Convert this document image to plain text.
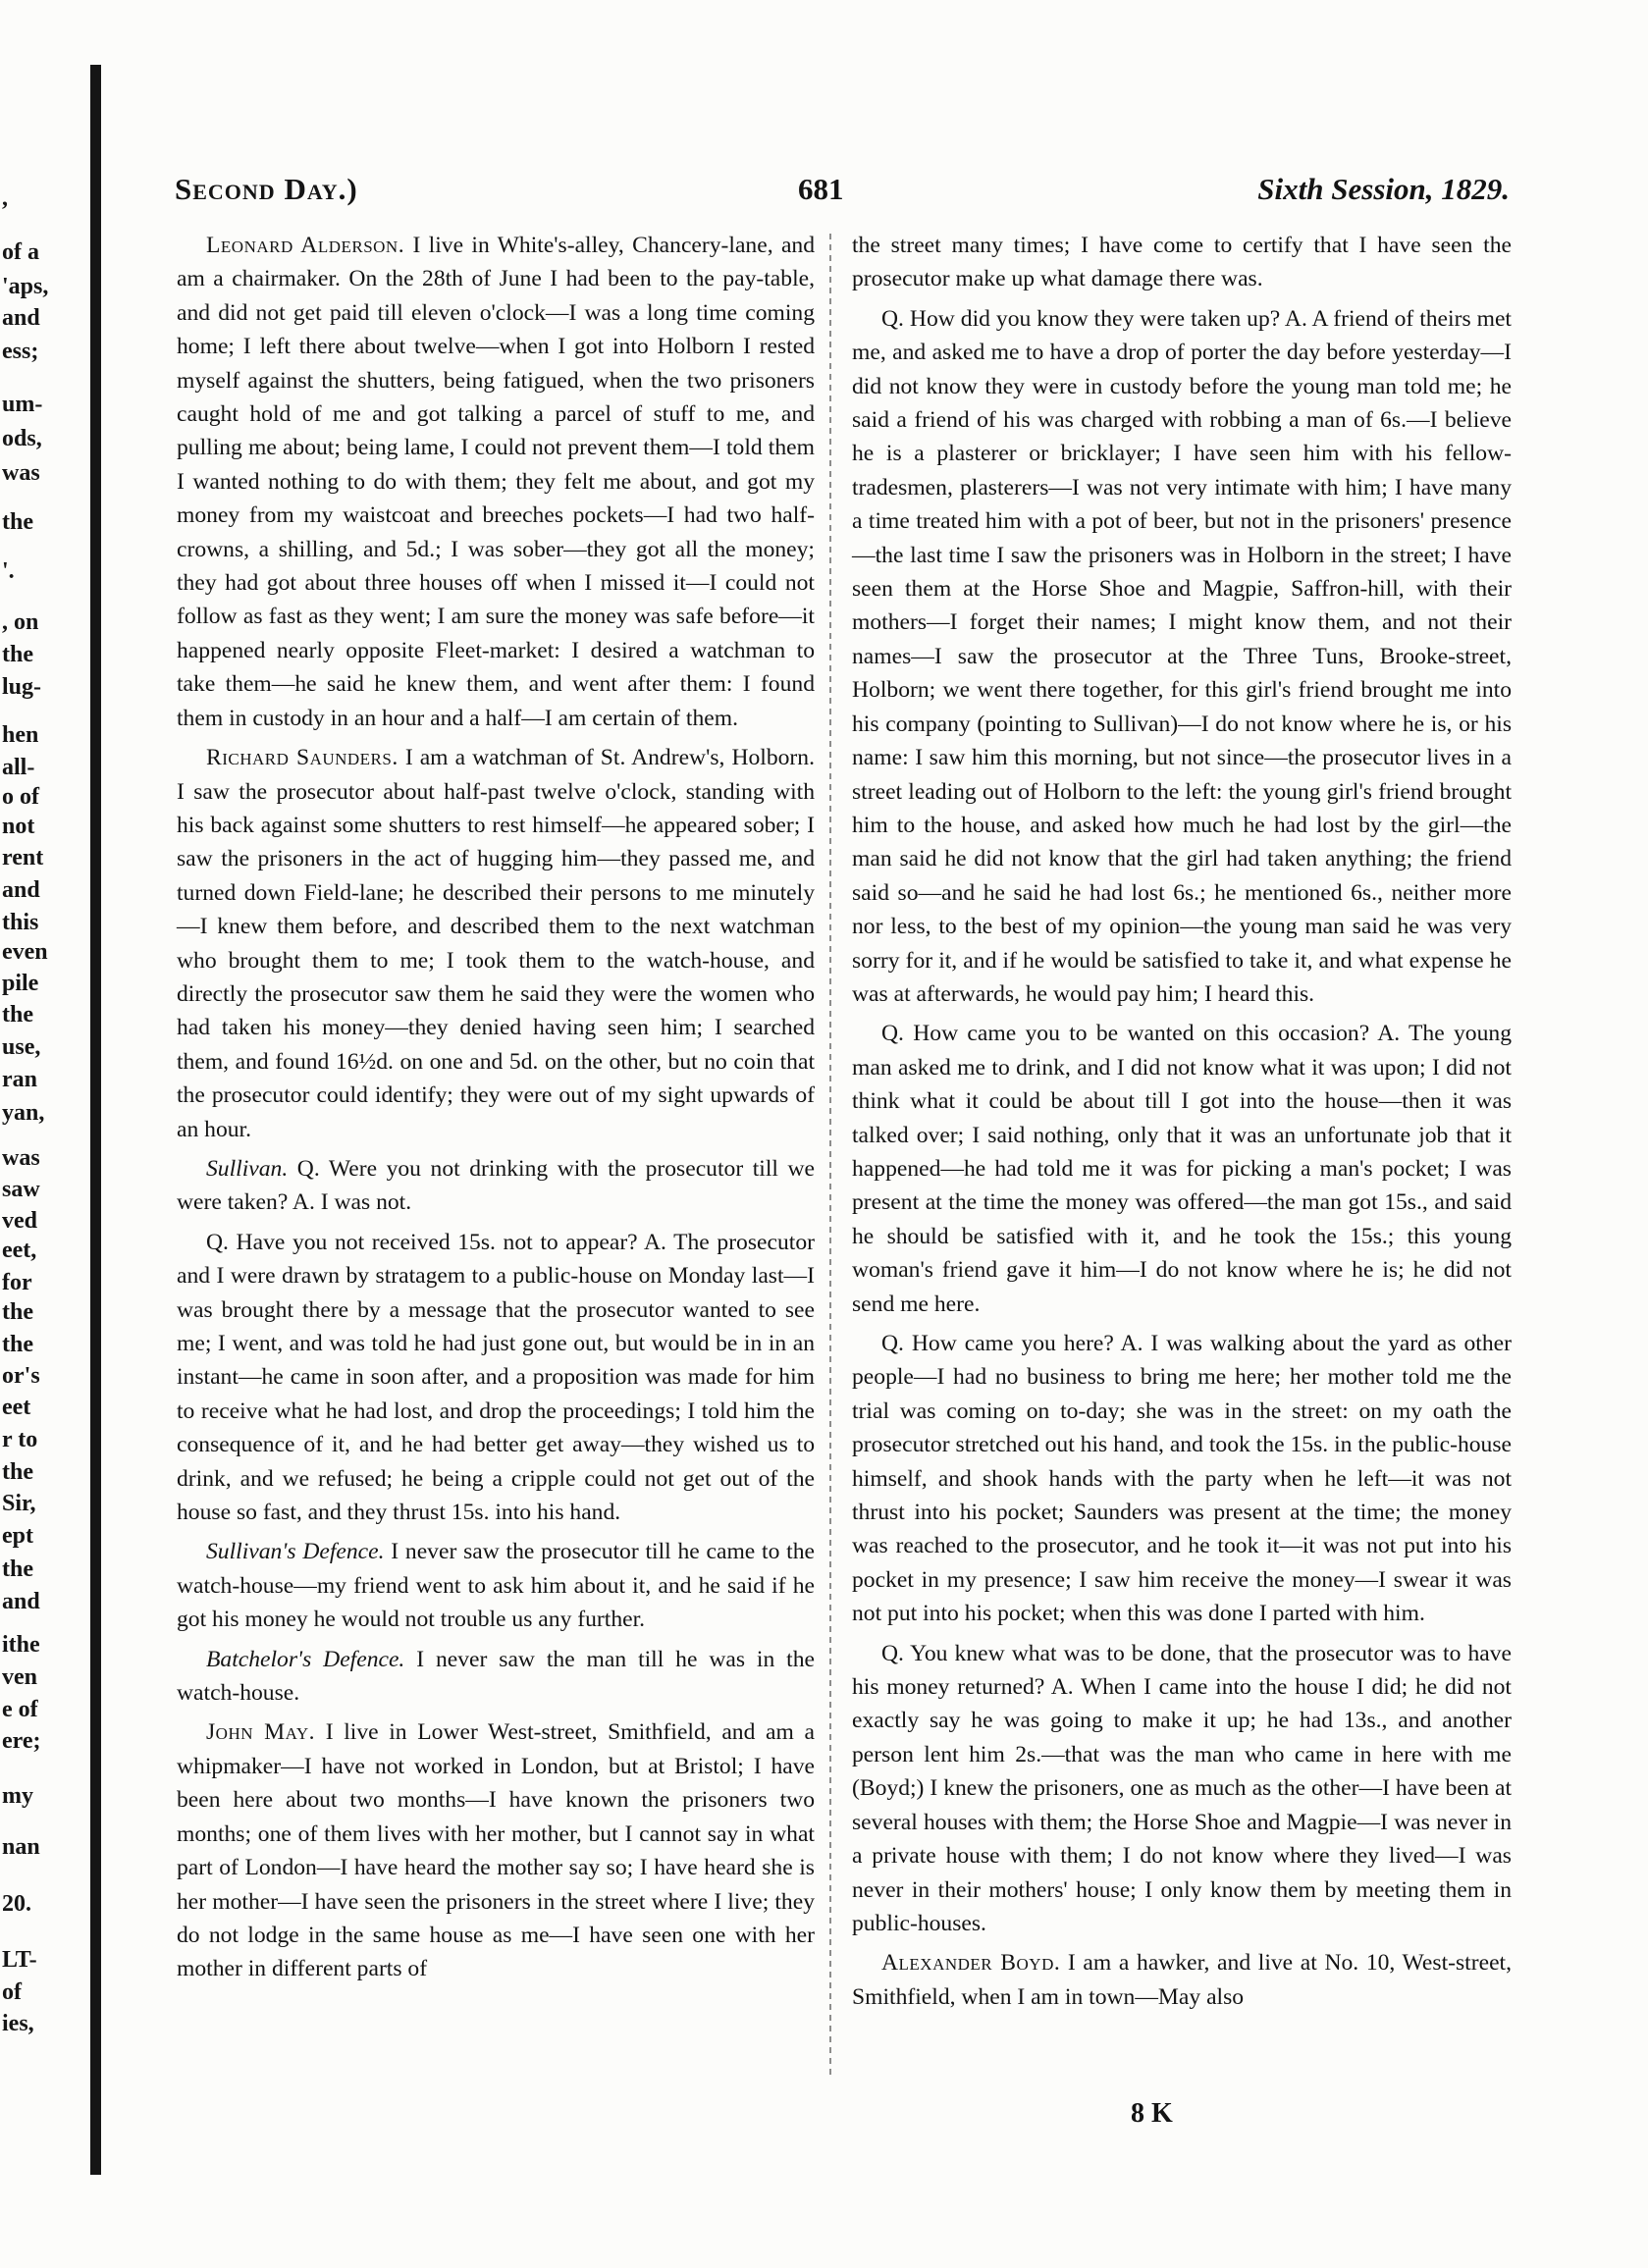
,
of a
'aps,
and
ess;
um-
ods,
was
the
'.
, on
the
lug-
hen
all-
o of
not
rent
and
this
even
pile
the
use,
ran
yan,
was
saw
ved
eet,
for
the
the
or's
eet
r to
the
Sir,
ept
the
and
ithe
ven
e of
ere;
my
nan
20.
LT-
of
ies,
Second Day.)	681	Sixth Session, 1829.

Leonard Alderson. I live in White's-alley, Chancery-lane, and am a chairmaker. On the 28th of June I had been to the pay-table, and did not get paid till eleven o'clock—I was a long time coming home; I left there about twelve—when I got into Holborn I rested myself against the shutters, being fatigued, when the two prisoners caught hold of me and got talking a parcel of stuff to me, and pulling me about; being lame, I could not prevent them—I told them I wanted nothing to do with them; they felt me about, and got my money from my waistcoat and breeches pockets—I had two half-crowns, a shilling, and 5d.; I was sober—they got all the money; they had got about three houses off when I missed it—I could not follow as fast as they went; I am sure the money was safe before—it happened nearly opposite Fleet-market: I desired a watchman to take them—he said he knew them, and went after them: I found them in custody in an hour and a half—I am certain of them.

Richard Saunders. I am a watchman of St. Andrew's, Holborn. I saw the prosecutor about half-past twelve o'clock, standing with his back against some shutters to rest himself—he appeared sober; I saw the prisoners in the act of hugging him—they passed me, and turned down Field-lane; he described their persons to me minutely—I knew them before, and described them to the next watchman who brought them to me; I took them to the watch-house, and directly the prosecutor saw them he said they were the women who had taken his money—they denied having seen him; I searched them, and found 16½d. on one and 5d. on the other, but no coin that the prosecutor could identify; they were out of my sight upwards of an hour.

Sullivan. Q. Were you not drinking with the prosecutor till we were taken? A. I was not.

Q. Have you not received 15s. not to appear? A. The prosecutor and I were drawn by stratagem to a public-house on Monday last—I was brought there by a message that the prosecutor wanted to see me; I went, and was told he had just gone out, but would be in in an instant—he came in soon after, and a proposition was made for him to receive what he had lost, and drop the proceedings; I told him the consequence of it, and he had better get away—they wished us to drink, and we refused; he being a cripple could not get out of the house so fast, and they thrust 15s. into his hand.

Sullivan's Defence. I never saw the prosecutor till he came to the watch-house—my friend went to ask him about it, and he said if he got his money he would not trouble us any further.

Batchelor's Defence. I never saw the man till he was in the watch-house.

John May. I live in Lower West-street, Smithfield, and am a whipmaker—I have not worked in London, but at Bristol; I have been here about two months—I have known the prisoners two months; one of them lives with her mother, but I cannot say in what part of London—I have heard the mother say so; I have heard she is her mother—I have seen the prisoners in the street where I live; they do not lodge in the same house as me—I have seen one with her mother in different parts of

the street many times; I have come to certify that I have seen the prosecutor make up what damage there was.

Q. How did you know they were taken up? A. A friend of theirs met me, and asked me to have a drop of porter the day before yesterday—I did not know they were in custody before the young man told me; he said a friend of his was charged with robbing a man of 6s.—I believe he is a plasterer or bricklayer; I have seen him with his fellow-tradesmen, plasterers—I was not very intimate with him; I have many a time treated him with a pot of beer, but not in the prisoners' presence—the last time I saw the prisoners was in Holborn in the street; I have seen them at the Horse Shoe and Magpie, Saffron-hill, with their mothers—I forget their names; I might know them, and not their names—I saw the prosecutor at the Three Tuns, Brooke-street, Holborn; we went there together, for this girl's friend brought me into his company (pointing to Sullivan)—I do not know where he is, or his name: I saw him this morning, but not since—the prosecutor lives in a street leading out of Holborn to the left: the young girl's friend brought him to the house, and asked how much he had lost by the girl—the man said he did not know that the girl had taken anything; the friend said so—and he said he had lost 6s.; he mentioned 6s., neither more nor less, to the best of my opinion—the young man said he was very sorry for it, and if he would be satisfied to take it, and what expense he was at afterwards, he would pay him; I heard this.

Q. How came you to be wanted on this occasion? A. The young man asked me to drink, and I did not know what it was upon; I did not think what it could be about till I got into the house—then it was talked over; I said nothing, only that it was an unfortunate job that it happened—he had told me it was for picking a man's pocket; I was present at the time the money was offered—the man got 15s., and said he should be satisfied with it, and he took the 15s.; this young woman's friend gave it him—I do not know where he is; he did not send me here.

Q. How came you here? A. I was walking about the yard as other people—I had no business to bring me here; her mother told me the trial was coming on to-day; she was in the street: on my oath the prosecutor stretched out his hand, and took the 15s. in the public-house himself, and shook hands with the party when he left—it was not thrust into his pocket; Saunders was present at the time; the money was reached to the prosecutor, and he took it—it was not put into his pocket in my presence; I saw him receive the money—I swear it was not put into his pocket; when this was done I parted with him.

Q. You knew what was to be done, that the prosecutor was to have his money returned? A. When I came into the house I did; he did not exactly say he was going to make it up; he had 13s., and another person lent him 2s.—that was the man who came in here with me (Boyd;) I knew the prisoners, one as much as the other—I have been at several houses with them; the Horse Shoe and Magpie—I was never in a private house with them; I do not know where they lived—I was never in their mothers' house; I only know them by meeting them in public-houses.

Alexander Boyd. I am a hawker, and live at No. 10, West-street, Smithfield, when I am in town—May also

8 K
